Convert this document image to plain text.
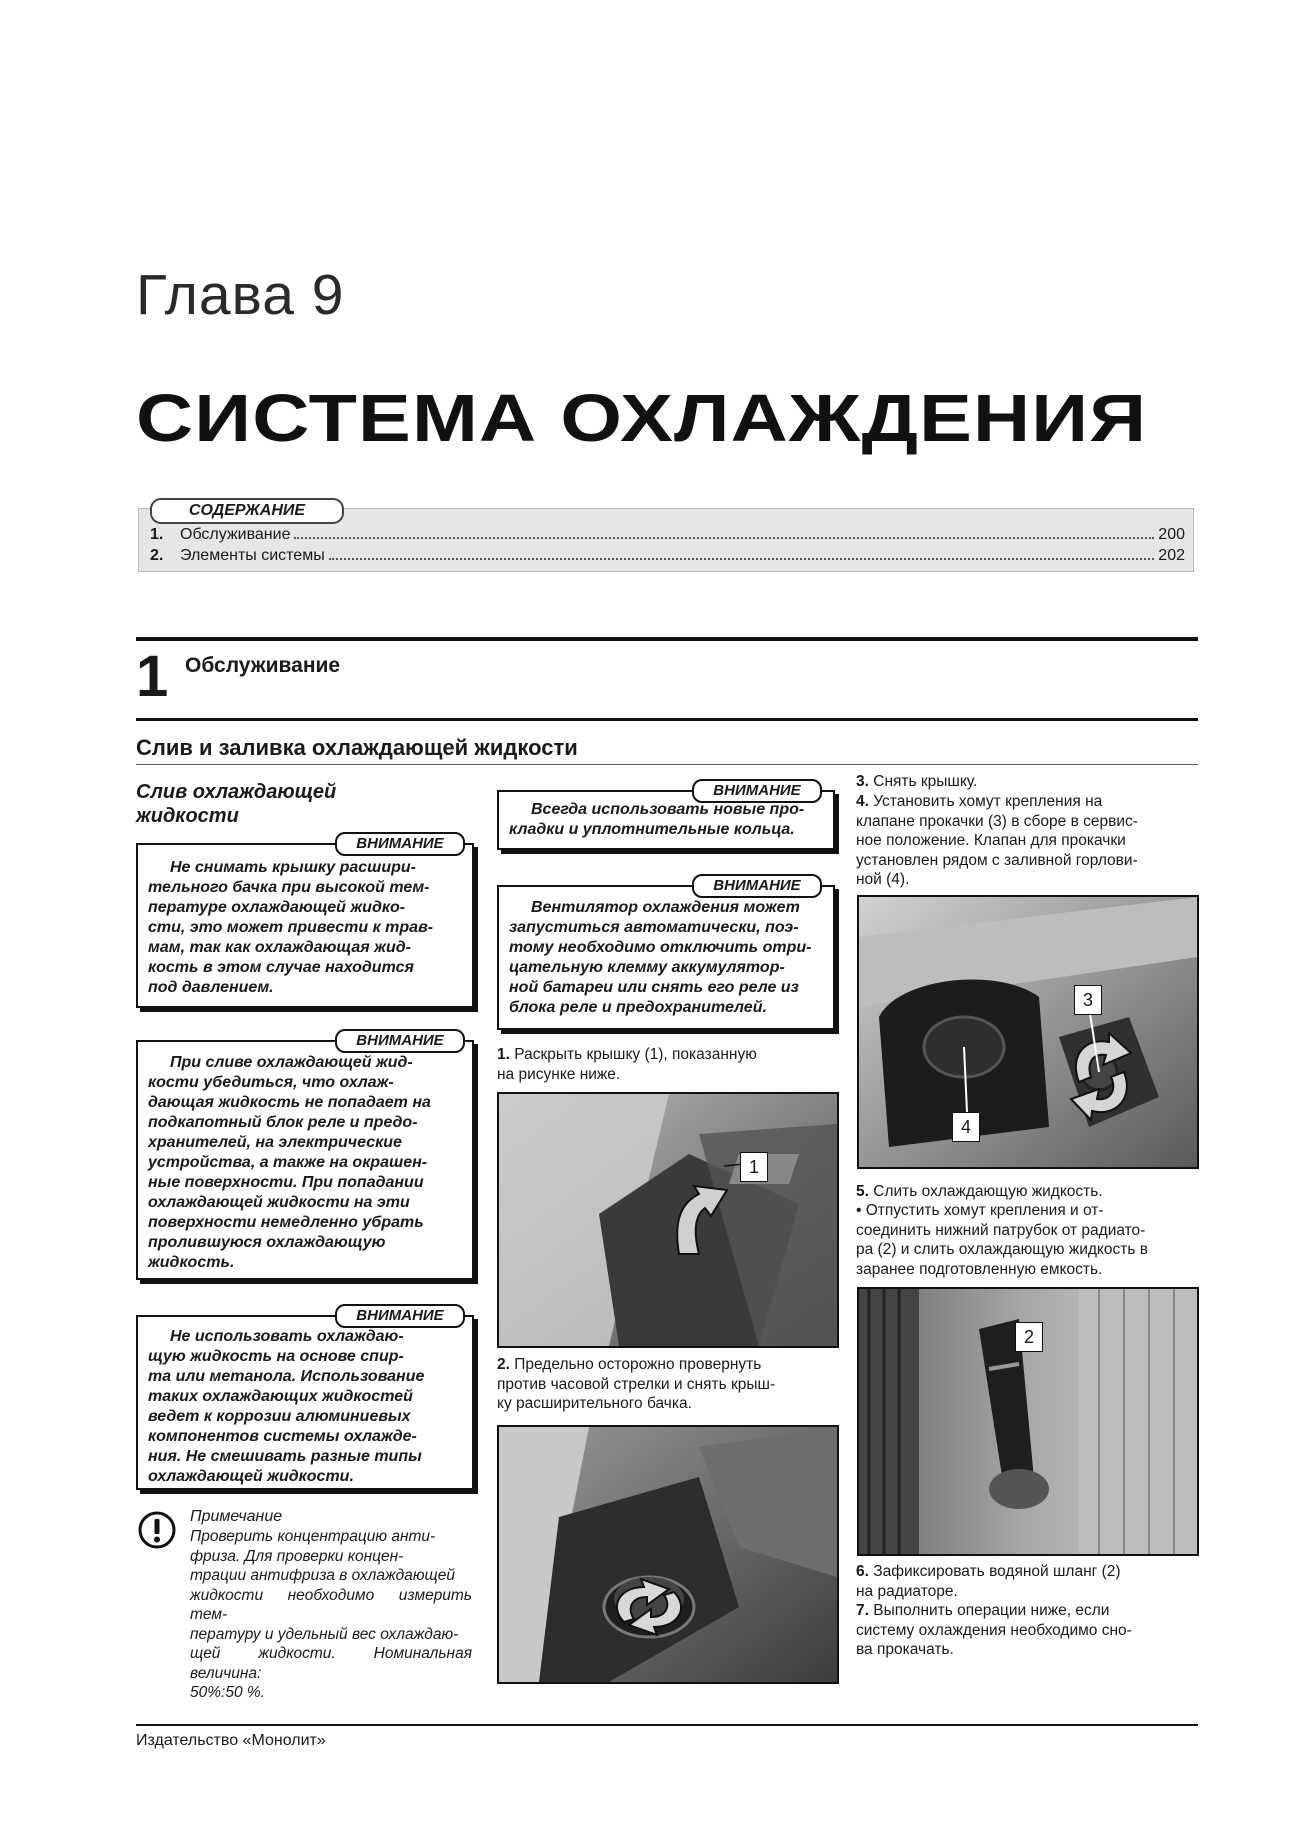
Глава 9
СИСТЕМА ОХЛАЖДЕНИЯ
СОДЕРЖАНИЕ
1.	Обслуживание	200
2.	Элементы системы	202
1 Обслуживание
Слив и заливка охлаждающей жидкости
Слив охлаждающей
жидкости
ВНИМАНИЕ
Не снимать крышку расшири-
тельного бачка при высокой тем-
пературе охлаждающей жидко-
сти, это может привести к трав-
мам, так как охлаждающая жид-
кость в этом случае находится
под давлением.
ВНИМАНИЕ
При сливе охлаждающей жид-
кости убедиться, что охлаж-
дающая жидкость не попадает на
подкапотный блок реле и предо-
хранителей, на электрические
устройства, а также на окрашен-
ные поверхности. При попадании
охлаждающей жидкости на эти
поверхности немедленно убрать
пролившуюся охлаждающую
жидкость.
ВНИМАНИЕ
Не использовать охлаждаю-
щую жидкость на основе спир-
та или метанола. Использование
таких охлаждающих жидкостей
ведет к коррозии алюминиевых
компонентов системы охлажде-
ния. Не смешивать разные типы
охлаждающей жидкости.
Примечание
Проверить концентрацию анти-
фриза. Для проверки концен-
трации антифриза в охлаждающей
жидкости необходимо измерить тем-
пературу и удельный вес охлаждаю-
щей жидкости. Номинальная величина:
50%:50 %.
ВНИМАНИЕ
Всегда использовать новые про-
кладки и уплотнительные кольца.
ВНИМАНИЕ
Вентилятор охлаждения может
запуститься автоматически, поэ-
тому необходимо отключить отри-
цательную клемму аккумулятор-
ной батареи или снять его реле из
блока реле и предохранителей.
1. Раскрыть крышку (1), показанную
на рисунке ниже.
1
2. Предельно осторожно провернуть
против часовой стрелки и снять крыш-
ку расширительного бачка.
3. Снять крышку.
4. Установить хомут крепления на
клапане прокачки (3) в сборе в сервис-
ное положение. Клапан для прокачки
установлен рядом с заливной горлови-
ной (4).
3
4
5. Слить охлаждающую жидкость.
• Отпустить хомут крепления и от-
соединить нижний патрубок от радиато-
ра (2) и слить охлаждающую жидкость в
заранее подготовленную емкость.
2
6. Зафиксировать водяной шланг (2)
на радиаторе.
7. Выполнить операции ниже, если
систему охлаждения необходимо сно-
ва прокачать.
Издательство «Монолит»
